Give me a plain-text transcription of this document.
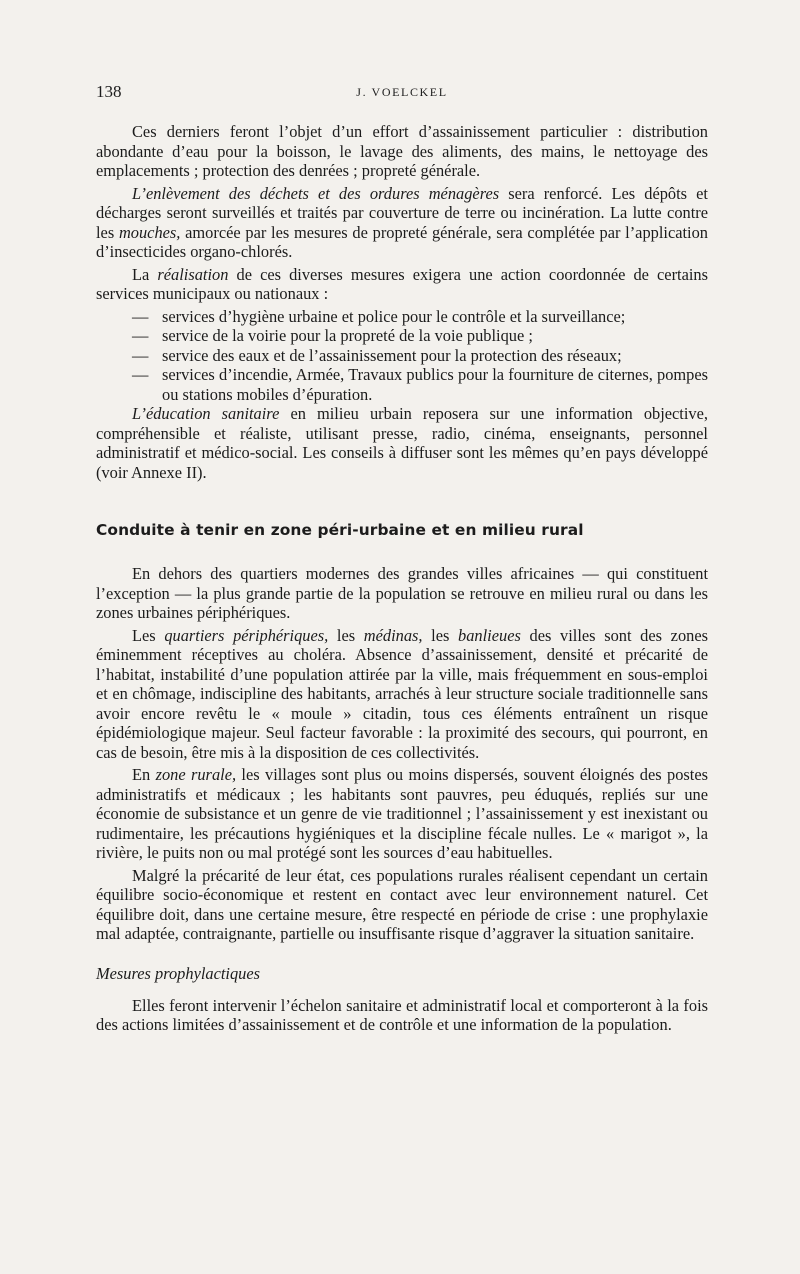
138	J. VOELCKEL

Ces derniers feront l’objet d’un effort d’assainissement particulier : distribution abondante d’eau pour la boisson, le lavage des aliments, des mains, le nettoyage des emplacements ; protection des denrées ; propreté générale.

L’enlèvement des déchets et des ordures ménagères sera renforcé. Les dépôts et décharges seront surveillés et traités par couverture de terre ou incinération. La lutte contre les mouches, amorcée par les mesures de propreté générale, sera complétée par l’application d’insecticides organo-chlorés.

La réalisation de ces diverses mesures exigera une action coordonnée de certains services municipaux ou nationaux :

— services d’hygiène urbaine et police pour le contrôle et la surveillance;
— service de la voirie pour la propreté de la voie publique ;
— service des eaux et de l’assainissement pour la protection des réseaux;
— services d’incendie, Armée, Travaux publics pour la fourniture de citernes, pompes ou stations mobiles d’épuration.

L’éducation sanitaire en milieu urbain reposera sur une information objective, compréhensible et réaliste, utilisant presse, radio, cinéma, enseignants, personnel administratif et médico-social. Les conseils à diffuser sont les mêmes qu’en pays développé (voir Annexe II).

Conduite à tenir en zone péri-urbaine et en milieu rural

En dehors des quartiers modernes des grandes villes africaines — qui constituent l’exception — la plus grande partie de la population se retrouve en milieu rural ou dans les zones urbaines périphériques.

Les quartiers périphériques, les médinas, les banlieues des villes sont des zones éminemment réceptives au choléra. Absence d’assainissement, densité et précarité de l’habitat, instabilité d’une population attirée par la ville, mais fréquemment en sous-emploi et en chômage, indiscipline des habitants, arrachés à leur structure sociale traditionnelle sans avoir encore revêtu le « moule » citadin, tous ces éléments entraînent un risque épidémiologique majeur. Seul facteur favorable : la proximité des secours, qui pourront, en cas de besoin, être mis à la disposition de ces collectivités.

En zone rurale, les villages sont plus ou moins dispersés, souvent éloignés des postes administratifs et médicaux ; les habitants sont pauvres, peu éduqués, repliés sur une économie de subsistance et un genre de vie traditionnel ; l’assainissement y est inexistant ou rudimentaire, les précautions hygiéniques et la discipline fécale nulles. Le « marigot », la rivière, le puits non ou mal protégé sont les sources d’eau habituelles.

Malgré la précarité de leur état, ces populations rurales réalisent cependant un certain équilibre socio-économique et restent en contact avec leur environnement naturel. Cet équilibre doit, dans une certaine mesure, être respecté en période de crise : une prophylaxie mal adaptée, contraignante, partielle ou insuffisante risque d’aggraver la situation sanitaire.

Mesures prophylactiques

Elles feront intervenir l’échelon sanitaire et administratif local et comporteront à la fois des actions limitées d’assainissement et de contrôle et une information de la population.
